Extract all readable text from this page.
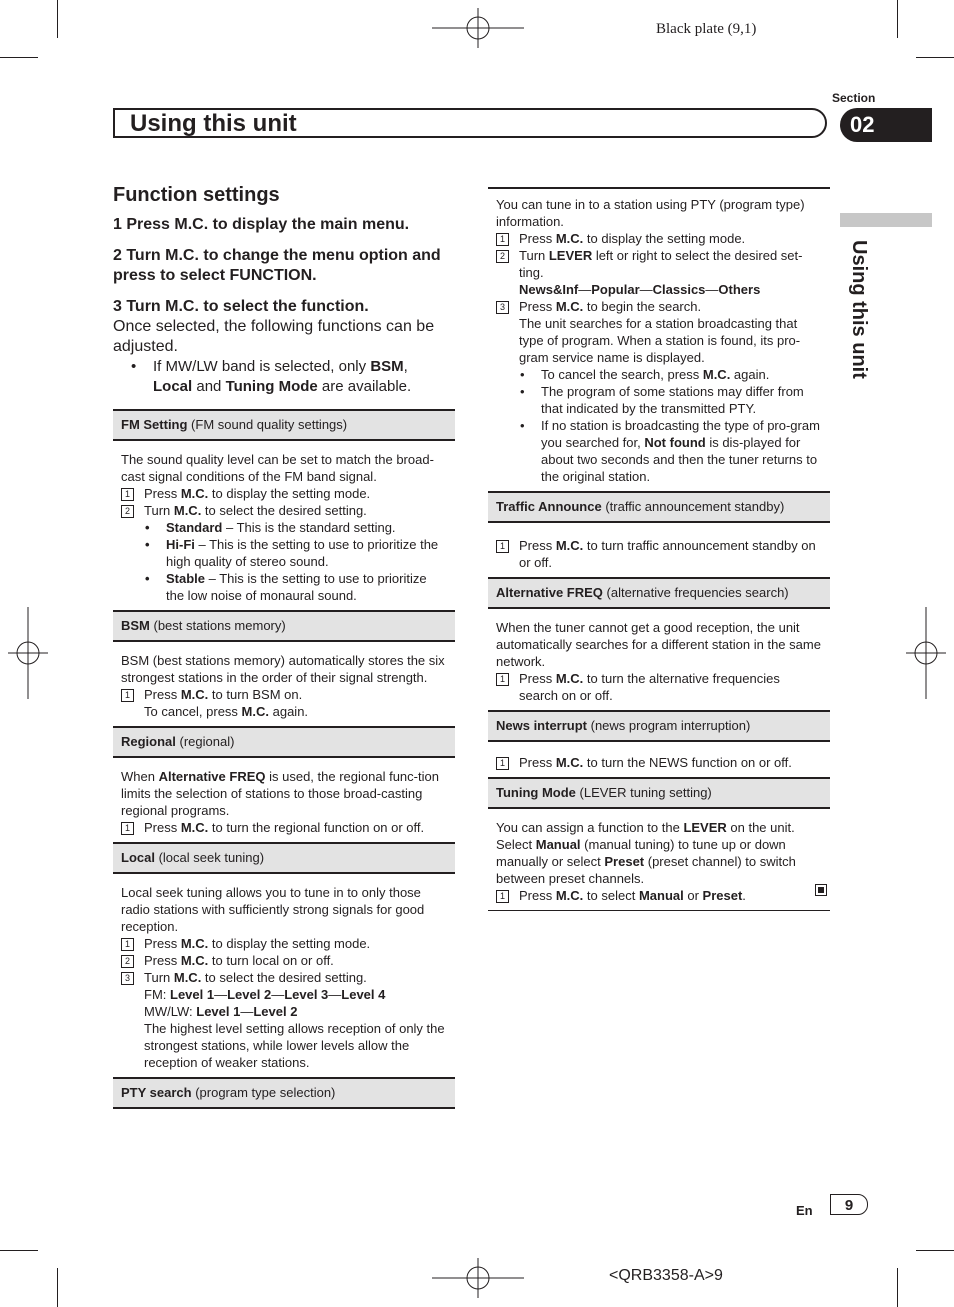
Black plate (9,1)
Using this unit
Section
02
Using this unit
Function settings
1 Press M.C. to display the main menu.
2 Turn M.C. to change the menu option and press to select FUNCTION.
3 Turn M.C. to select the function.
Once selected, the following functions can be adjusted.
• If MW/LW band is selected, only BSM,
Local and Tuning Mode are available.
FM Setting (FM sound quality settings)
The sound quality level can be set to match the broad-cast signal conditions of the FM band signal.
1 Press M.C. to display the setting mode.
2 Turn M.C. to select the desired setting.
• Standard – This is the standard setting.
• Hi-Fi – This is the setting to use to prioritize the high quality of stereo sound.
• Stable – This is the setting to use to prioritize the low noise of monaural sound.
BSM (best stations memory)
BSM (best stations memory) automatically stores the six strongest stations in the order of their signal strength.
1 Press M.C. to turn BSM on.
To cancel, press M.C. again.
Regional (regional)
When Alternative FREQ is used, the regional func-tion limits the selection of stations to those broad-casting regional programs.
1 Press M.C. to turn the regional function on or off.
Local (local seek tuning)
Local seek tuning allows you to tune in to only those radio stations with sufficiently strong signals for good reception.
1 Press M.C. to display the setting mode.
2 Press M.C. to turn local on or off.
3 Turn M.C. to select the desired setting.
FM: Level 1—Level 2—Level 3—Level 4
MW/LW: Level 1—Level 2
The highest level setting allows reception of only the strongest stations, while lower levels allow the reception of weaker stations.
PTY search (program type selection)
You can tune in to a station using PTY (program type) information.
1 Press M.C. to display the setting mode.
2 Turn LEVER left or right to select the desired set-ting.
News&Inf—Popular—Classics—Others
3 Press M.C. to begin the search.
The unit searches for a station broadcasting that type of program. When a station is found, its pro-gram service name is displayed.
• To cancel the search, press M.C. again.
• The program of some stations may differ from that indicated by the transmitted PTY.
• If no station is broadcasting the type of pro-gram you searched for, Not found is dis-played for about two seconds and then the tuner returns to the original station.
Traffic Announce (traffic announcement standby)
1 Press M.C. to turn traffic announcement standby on or off.
Alternative FREQ (alternative frequencies search)
When the tuner cannot get a good reception, the unit automatically searches for a different station in the same network.
1 Press M.C. to turn the alternative frequencies search on or off.
News interrupt (news program interruption)
1 Press M.C. to turn the NEWS function on or off.
Tuning Mode (LEVER tuning setting)
You can assign a function to the LEVER on the unit. Select Manual (manual tuning) to tune up or down manually or select Preset (preset channel) to switch between preset channels.
1 Press M.C. to select Manual or Preset.
En	9
<QRB3358-A>9
